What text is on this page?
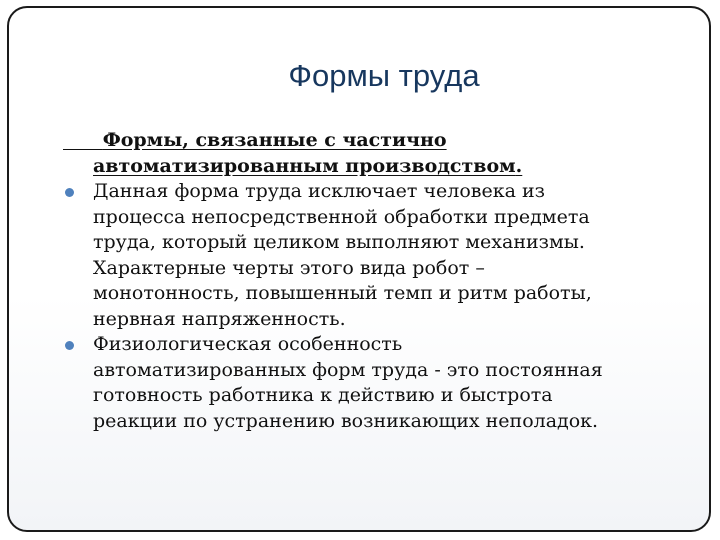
Формы труда
Формы, связанные с частично
автоматизированным производством.
Данная форма труда исключает человека из
процесса непосредственной обработки предмета
труда, который целиком выполняют механизмы.
Характерные черты этого вида робот –
монотонность, повышенный темп и ритм работы,
нервная напряженность.
Физиологическая особенность
автоматизированных форм труда - это постоянная
готовность работника к действию и быстрота
реакции по устранению возникающих неполадок.
